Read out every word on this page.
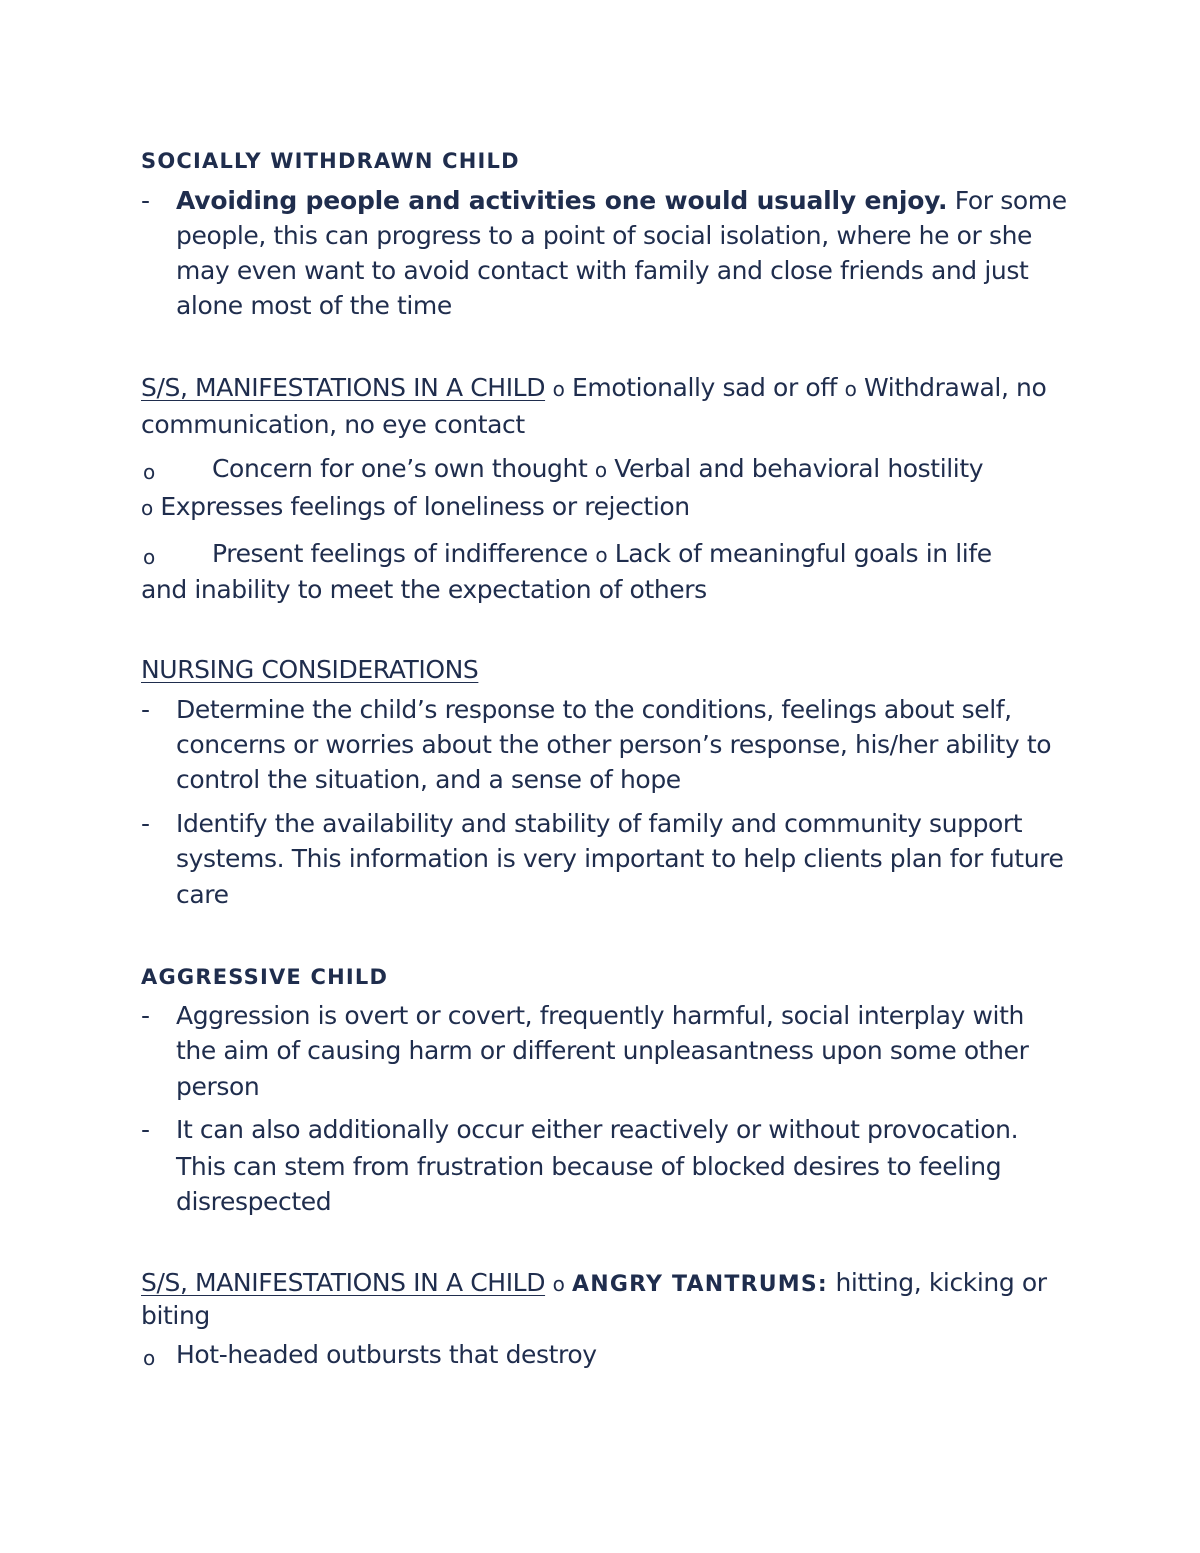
SOCIALLY WITHDRAWN CHILD
- Avoiding people and activities one would usually enjoy. For some
people, this can progress to a point of social isolation, where he or she
may even want to avoid contact with family and close friends and just
alone most of the time
S/S, MANIFESTATIONS IN A CHILD o Emotionally sad or off o Withdrawal, no
communication, no eye contact
o Concern for one’s own thought o Verbal and behavioral hostility
o Expresses feelings of loneliness or rejection
o Present feelings of indifference o Lack of meaningful goals in life
and inability to meet the expectation of others
NURSING CONSIDERATIONS
- Determine the child’s response to the conditions, feelings about self,
concerns or worries about the other person’s response, his/her ability to
control the situation, and a sense of hope
- Identify the availability and stability of family and community support
systems. This information is very important to help clients plan for future
care
AGGRESSIVE CHILD
- Aggression is overt or covert, frequently harmful, social interplay with
the aim of causing harm or different unpleasantness upon some other
person
- It can also additionally occur either reactively or without provocation.
This can stem from frustration because of blocked desires to feeling
disrespected
S/S, MANIFESTATIONS IN A CHILD o ANGRY TANTRUMS: hitting, kicking or
biting
o Hot-headed outbursts that destroy
